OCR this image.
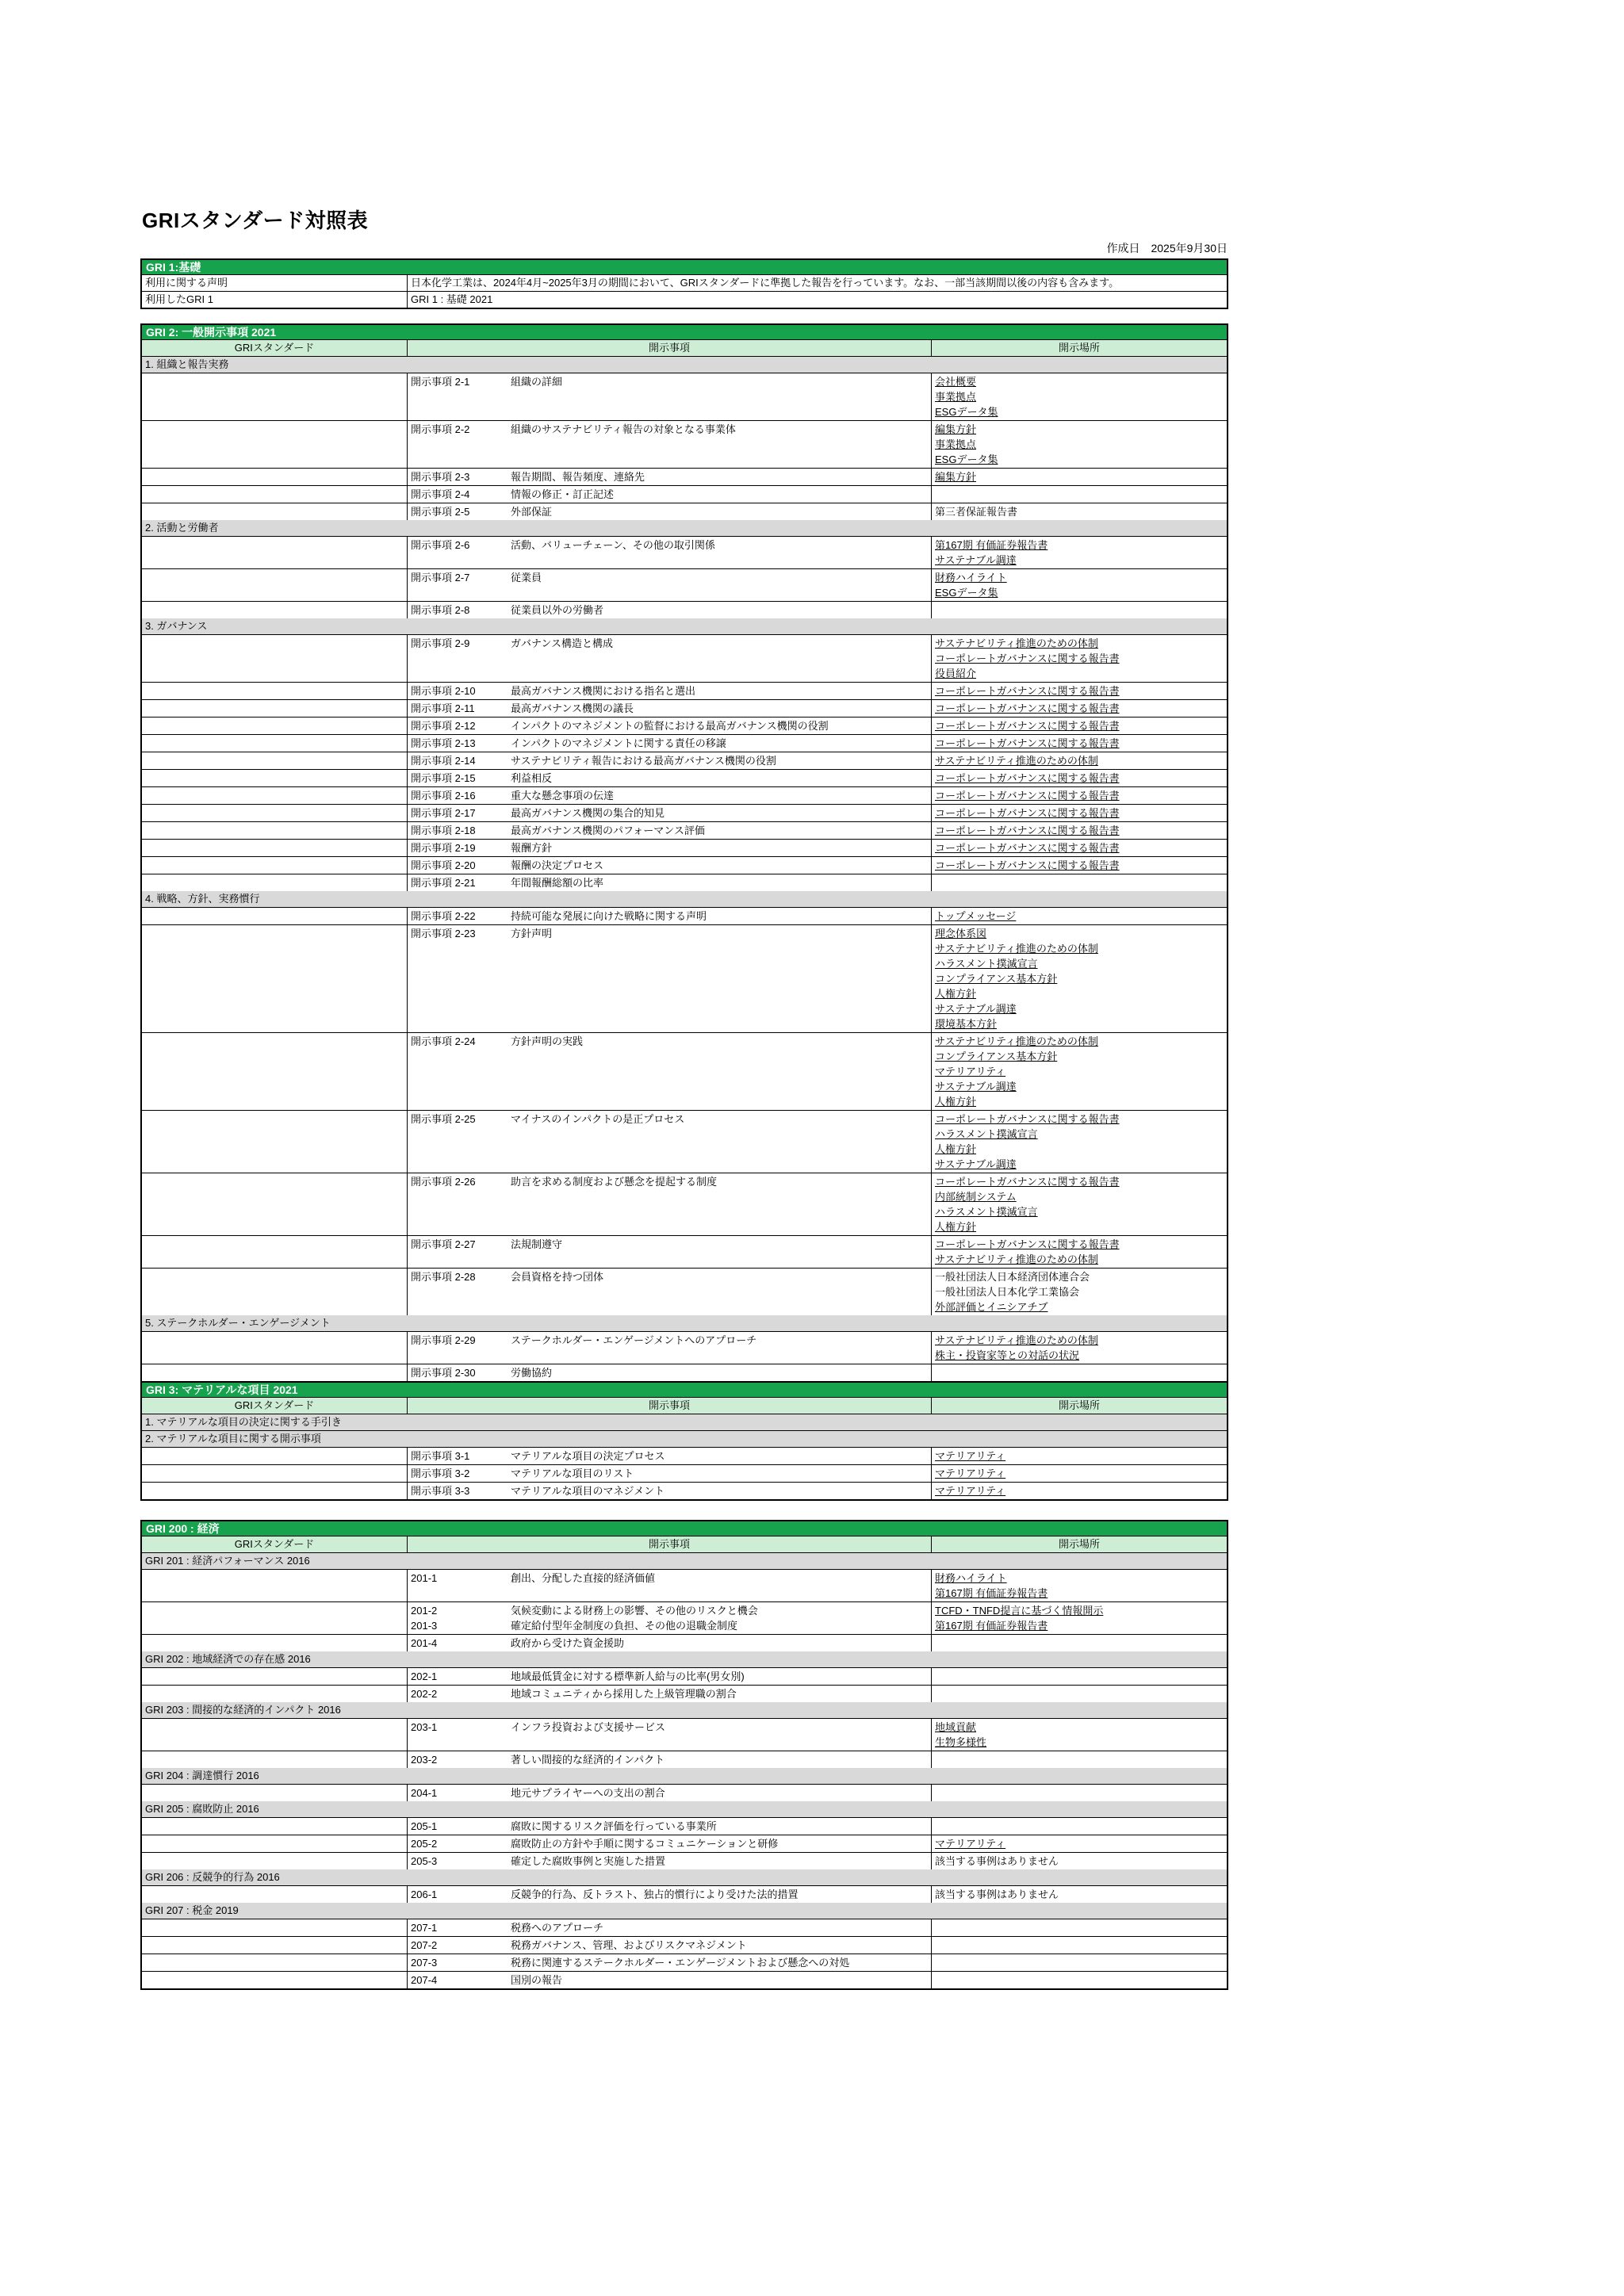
GRIスタンダード対照表
作成日 2025年9月30日
GRI 1:基礎
利用に関する声明	日本化学工業は、2024年4月~2025年3月の期間において、GRIスタンダードに準拠した報告を行っています。なお、一部当該期間以後の内容も含みます。
利用したGRI 1	GRI 1 : 基礎 2021
GRI 2: 一般開示事項 2021
GRIスタンダード	開示事項	開示場所
1. 組織と報告実務
開示事項 2-1	組織の詳細	会社概要
事業拠点
ESGデータ集
開示事項 2-2	組織のサステナビリティ報告の対象となる事業体	編集方針
事業拠点
ESGデータ集
開示事項 2-3	報告期間、報告頻度、連絡先	編集方針
開示事項 2-4	情報の修正・訂正記述
開示事項 2-5	外部保証	第三者保証報告書
2. 活動と労働者
開示事項 2-6	活動、バリューチェーン、その他の取引関係	第167期 有価証券報告書
サステナブル調達
開示事項 2-7	従業員	財務ハイライト
ESGデータ集
開示事項 2-8	従業員以外の労働者
3. ガバナンス
開示事項 2-9	ガバナンス構造と構成	サステナビリティ推進のための体制
コーポレートガバナンスに関する報告書
役員紹介
開示事項 2-10	最高ガバナンス機関における指名と選出	コーポレートガバナンスに関する報告書
開示事項 2-11	最高ガバナンス機関の議長	コーポレートガバナンスに関する報告書
開示事項 2-12	インパクトのマネジメントの監督における最高ガバナンス機関の役割	コーポレートガバナンスに関する報告書
開示事項 2-13	インパクトのマネジメントに関する責任の移譲	コーポレートガバナンスに関する報告書
開示事項 2-14	サステナビリティ報告における最高ガバナンス機関の役割	サステナビリティ推進のための体制
開示事項 2-15	利益相反	コーポレートガバナンスに関する報告書
開示事項 2-16	重大な懸念事項の伝達	コーポレートガバナンスに関する報告書
開示事項 2-17	最高ガバナンス機関の集合的知見	コーポレートガバナンスに関する報告書
開示事項 2-18	最高ガバナンス機関のパフォーマンス評価	コーポレートガバナンスに関する報告書
開示事項 2-19	報酬方針	コーポレートガバナンスに関する報告書
開示事項 2-20	報酬の決定プロセス	コーポレートガバナンスに関する報告書
開示事項 2-21	年間報酬総額の比率
4. 戦略、方針、実務慣行
開示事項 2-22	持続可能な発展に向けた戦略に関する声明	トップメッセージ
開示事項 2-23	方針声明	理念体系図
サステナビリティ推進のための体制
ハラスメント撲滅宣言
コンプライアンス基本方針
人権方針
サステナブル調達
環境基本方針
開示事項 2-24	方針声明の実践	サステナビリティ推進のための体制
コンプライアンス基本方針
マテリアリティ
サステナブル調達
人権方針
開示事項 2-25	マイナスのインパクトの是正プロセス	コーポレートガバナンスに関する報告書
ハラスメント撲滅宣言
人権方針
サステナブル調達
開示事項 2-26	助言を求める制度および懸念を提起する制度	コーポレートガバナンスに関する報告書
内部統制システム
ハラスメント撲滅宣言
人権方針
開示事項 2-27	法規制遵守	コーポレートガバナンスに関する報告書
サステナビリティ推進のための体制
開示事項 2-28	会員資格を持つ団体	一般社団法人日本経済団体連合会
一般社団法人日本化学工業協会
外部評価とイニシアチブ
5. ステークホルダー・エンゲージメント
開示事項 2-29	ステークホルダー・エンゲージメントへのアプローチ	サステナビリティ推進のための体制
株主・投資家等との対話の状況
開示事項 2-30	労働協約
GRI 3: マテリアルな項目 2021
GRIスタンダード	開示事項	開示場所
1. マテリアルな項目の決定に関する手引き
2. マテリアルな項目に関する開示事項
開示事項 3-1	マテリアルな項目の決定プロセス	マテリアリティ
開示事項 3-2	マテリアルな項目のリスト	マテリアリティ
開示事項 3-3	マテリアルな項目のマネジメント	マテリアリティ
GRI 200 : 経済
GRIスタンダード	開示事項	開示場所
GRI 201 : 経済パフォーマンス 2016
201-1	創出、分配した直接的経済価値	財務ハイライト
第167期 有価証券報告書
201-2	気候変動による財務上の影響、その他のリスクと機会
201-3	確定給付型年金制度の負担、その他の退職金制度
TCFD・TNFD提言に基づく情報開示
第167期 有価証券報告書
201-4	政府から受けた資金援助
GRI 202 : 地域経済での存在感 2016
202-1	地域最低賃金に対する標準新人給与の比率(男女別)
202-2	地域コミュニティから採用した上級管理職の割合
GRI 203 : 間接的な経済的インパクト 2016
203-1	インフラ投資および支援サービス	地域貢献
生物多様性
203-2	著しい間接的な経済的インパクト
GRI 204 : 調達慣行 2016
204-1	地元サプライヤーへの支出の割合
GRI 205 : 腐敗防止 2016
205-1	腐敗に関するリスク評価を行っている事業所
205-2	腐敗防止の方針や手順に関するコミュニケーションと研修	マテリアリティ
205-3	確定した腐敗事例と実施した措置	該当する事例はありません
GRI 206 : 反競争的行為 2016
206-1	反競争的行為、反トラスト、独占的慣行により受けた法的措置	該当する事例はありません
GRI 207 : 税金 2019
207-1	税務へのアプローチ
207-2	税務ガバナンス、管理、およびリスクマネジメント
207-3	税務に関連するステークホルダー・エンゲージメントおよび懸念への対処
207-4	国別の報告
